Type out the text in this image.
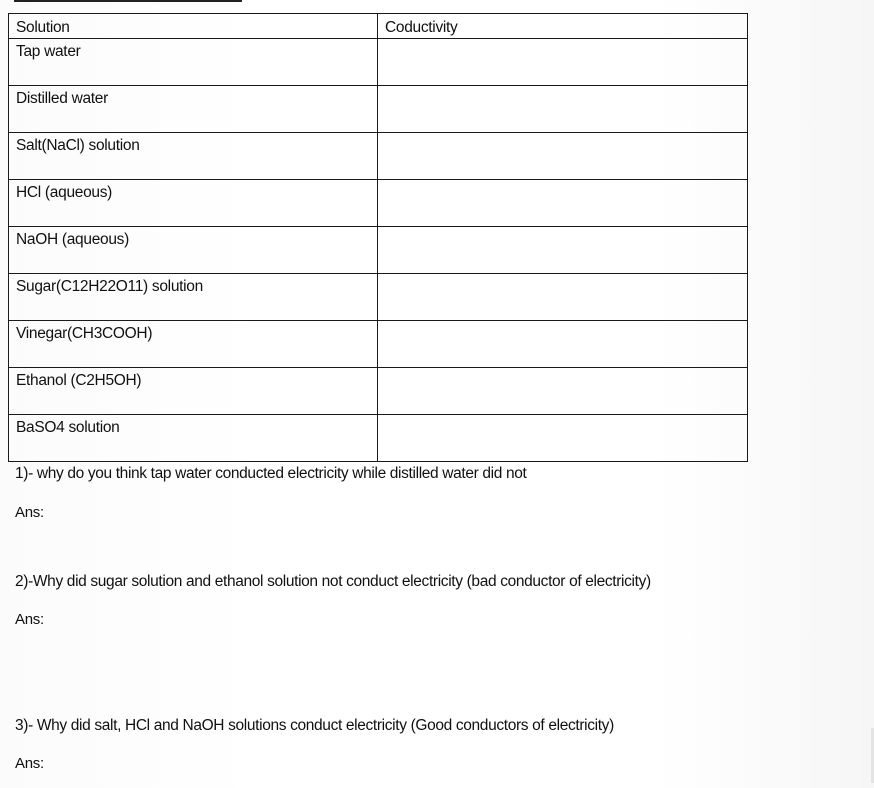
Solution	Coductivity
Tap water	
Distilled water	
Salt(NaCl) solution	
HCl (aqueous)	
NaOH (aqueous)	
Sugar(C12H22O11) solution	
Vinegar(CH3COOH)	
Ethanol (C2H5OH)	
BaSO4 solution	
1)- why do you think tap water conducted electricity while distilled water did not
Ans:
2)-Why did sugar solution and ethanol solution not conduct electricity (bad conductor of electricity)
Ans:
3)- Why did salt, HCl and NaOH solutions conduct electricity (Good conductors of electricity)
Ans:
